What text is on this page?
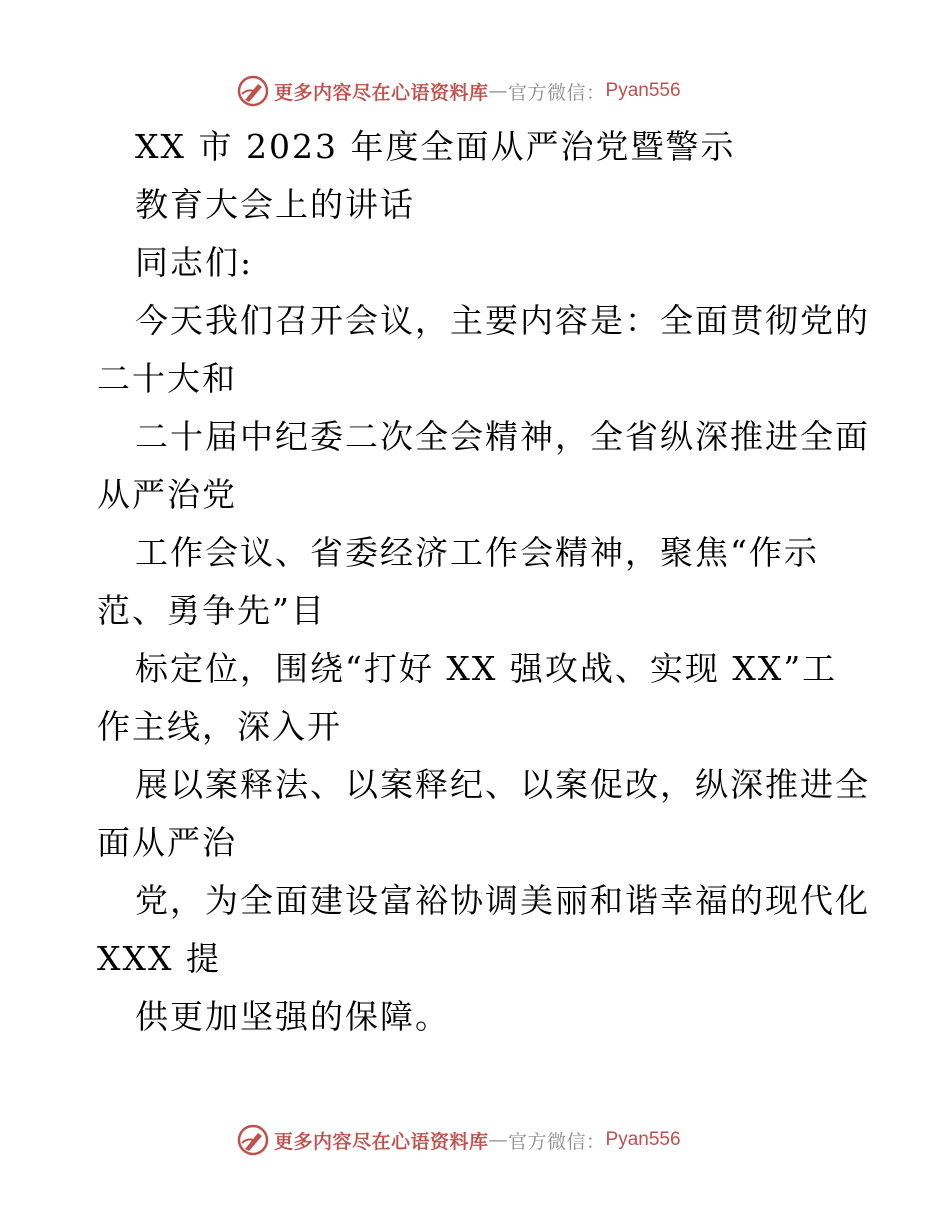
更多内容尽在心语资料库 — 官方微信： Pyan556
XX 市 2023 年度全面从严治党暨警示
教育大会上的讲话
同志们:
今天我们召开会议，主要内容是：全面贯彻党的
二十大和
二十届中纪委二次全会精神，全省纵深推进全面
从严治党
工作会议、省委经济工作会精神，聚焦“作示
范、勇争先”目
标定位，围绕“打好 XX 强攻战、实现 XX”工
作主线，深入开
展以案释法、以案释纪、以案促改，纵深推进全
面从严治
党，为全面建设富裕协调美丽和谐幸福的现代化
XXX 提
供更加坚强的保障。
更多内容尽在心语资料库 — 官方微信： Pyan556
